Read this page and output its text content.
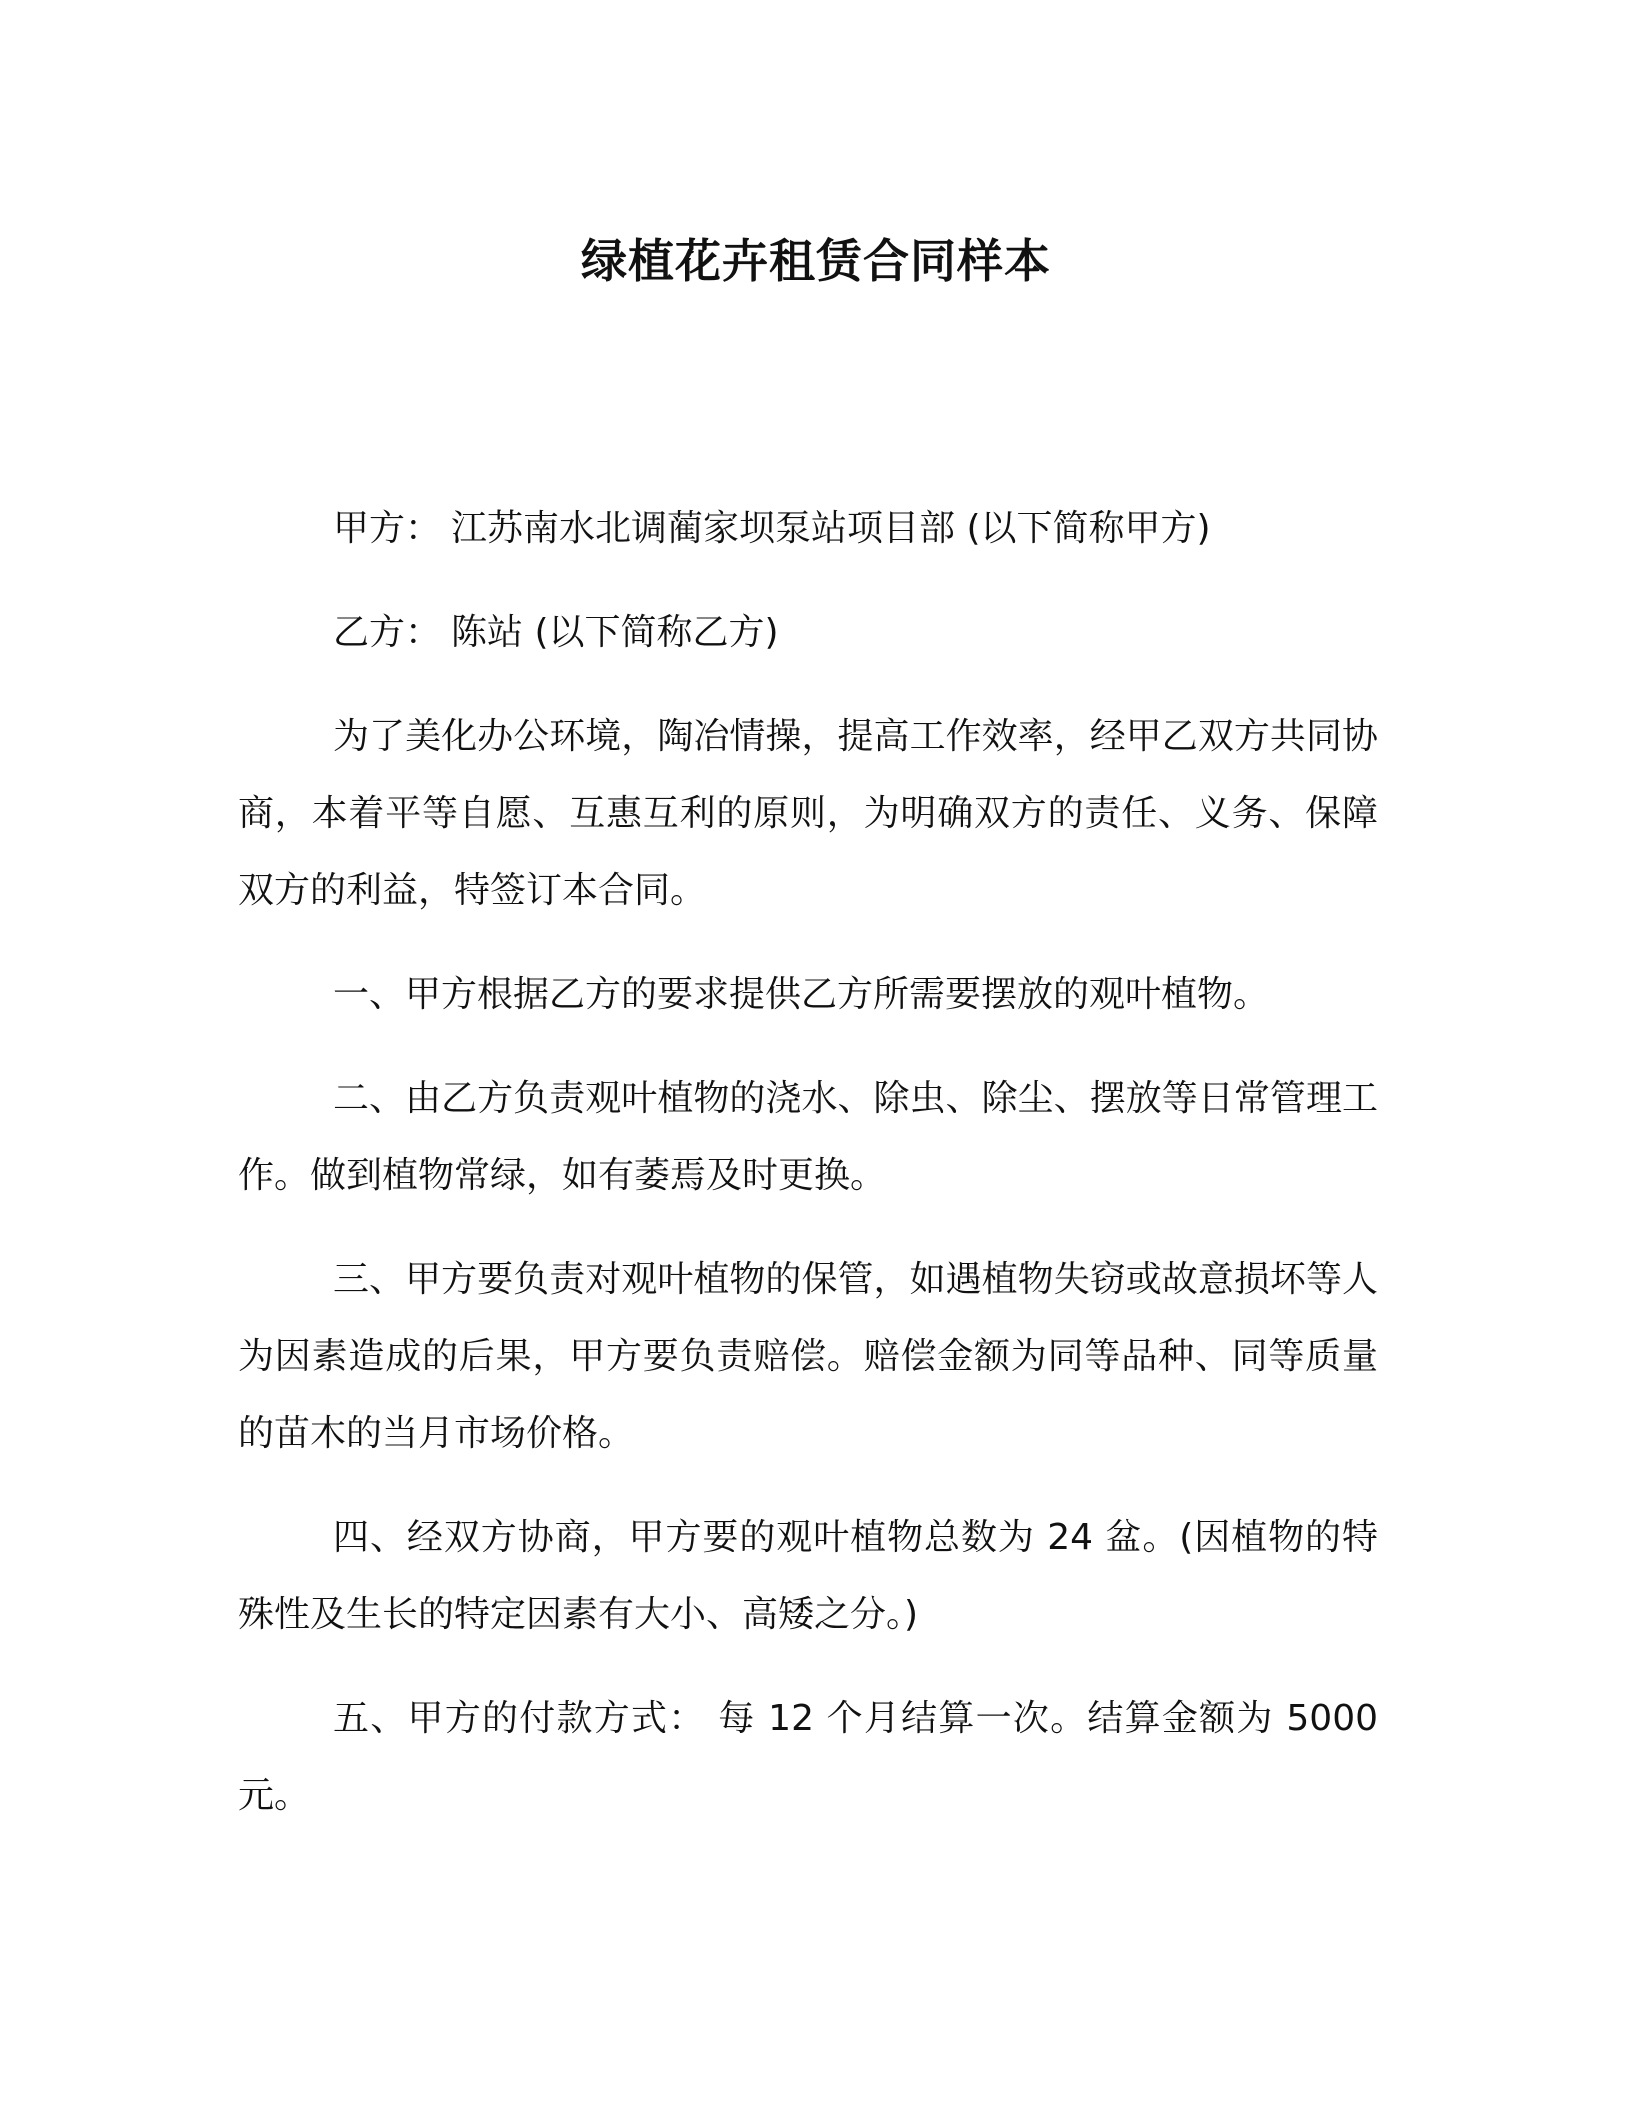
绿植花卉租赁合同样本
甲方： 江苏南水北调蔺家坝泵站项目部 (以下简称甲方)
乙方： 陈站 (以下简称乙方)

为了美化办公环境，陶冶情操，提高工作效率，经甲乙双方共同协商，本着平等自愿、互惠互利的原则，为明确双方的责任、义务、保障双方的利益，特签订本合同。

一、甲方根据乙方的要求提供乙方所需要摆放的观叶植物。

二、由乙方负责观叶植物的浇水、除虫、除尘、摆放等日常管理工作。做到植物常绿，如有萎焉及时更换。

三、甲方要负责对观叶植物的保管，如遇植物失窃或故意损坏等人为因素造成的后果，甲方要负责赔偿。赔偿金额为同等品种、同等质量的苗木的当月市场价格。

四、经双方协商，甲方要的观叶植物总数为 24 盆。(因植物的特殊性及生长的特定因素有大小、高矮之分。)

五、甲方的付款方式： 每 12 个月结算一次。结算金额为 5000 元。
